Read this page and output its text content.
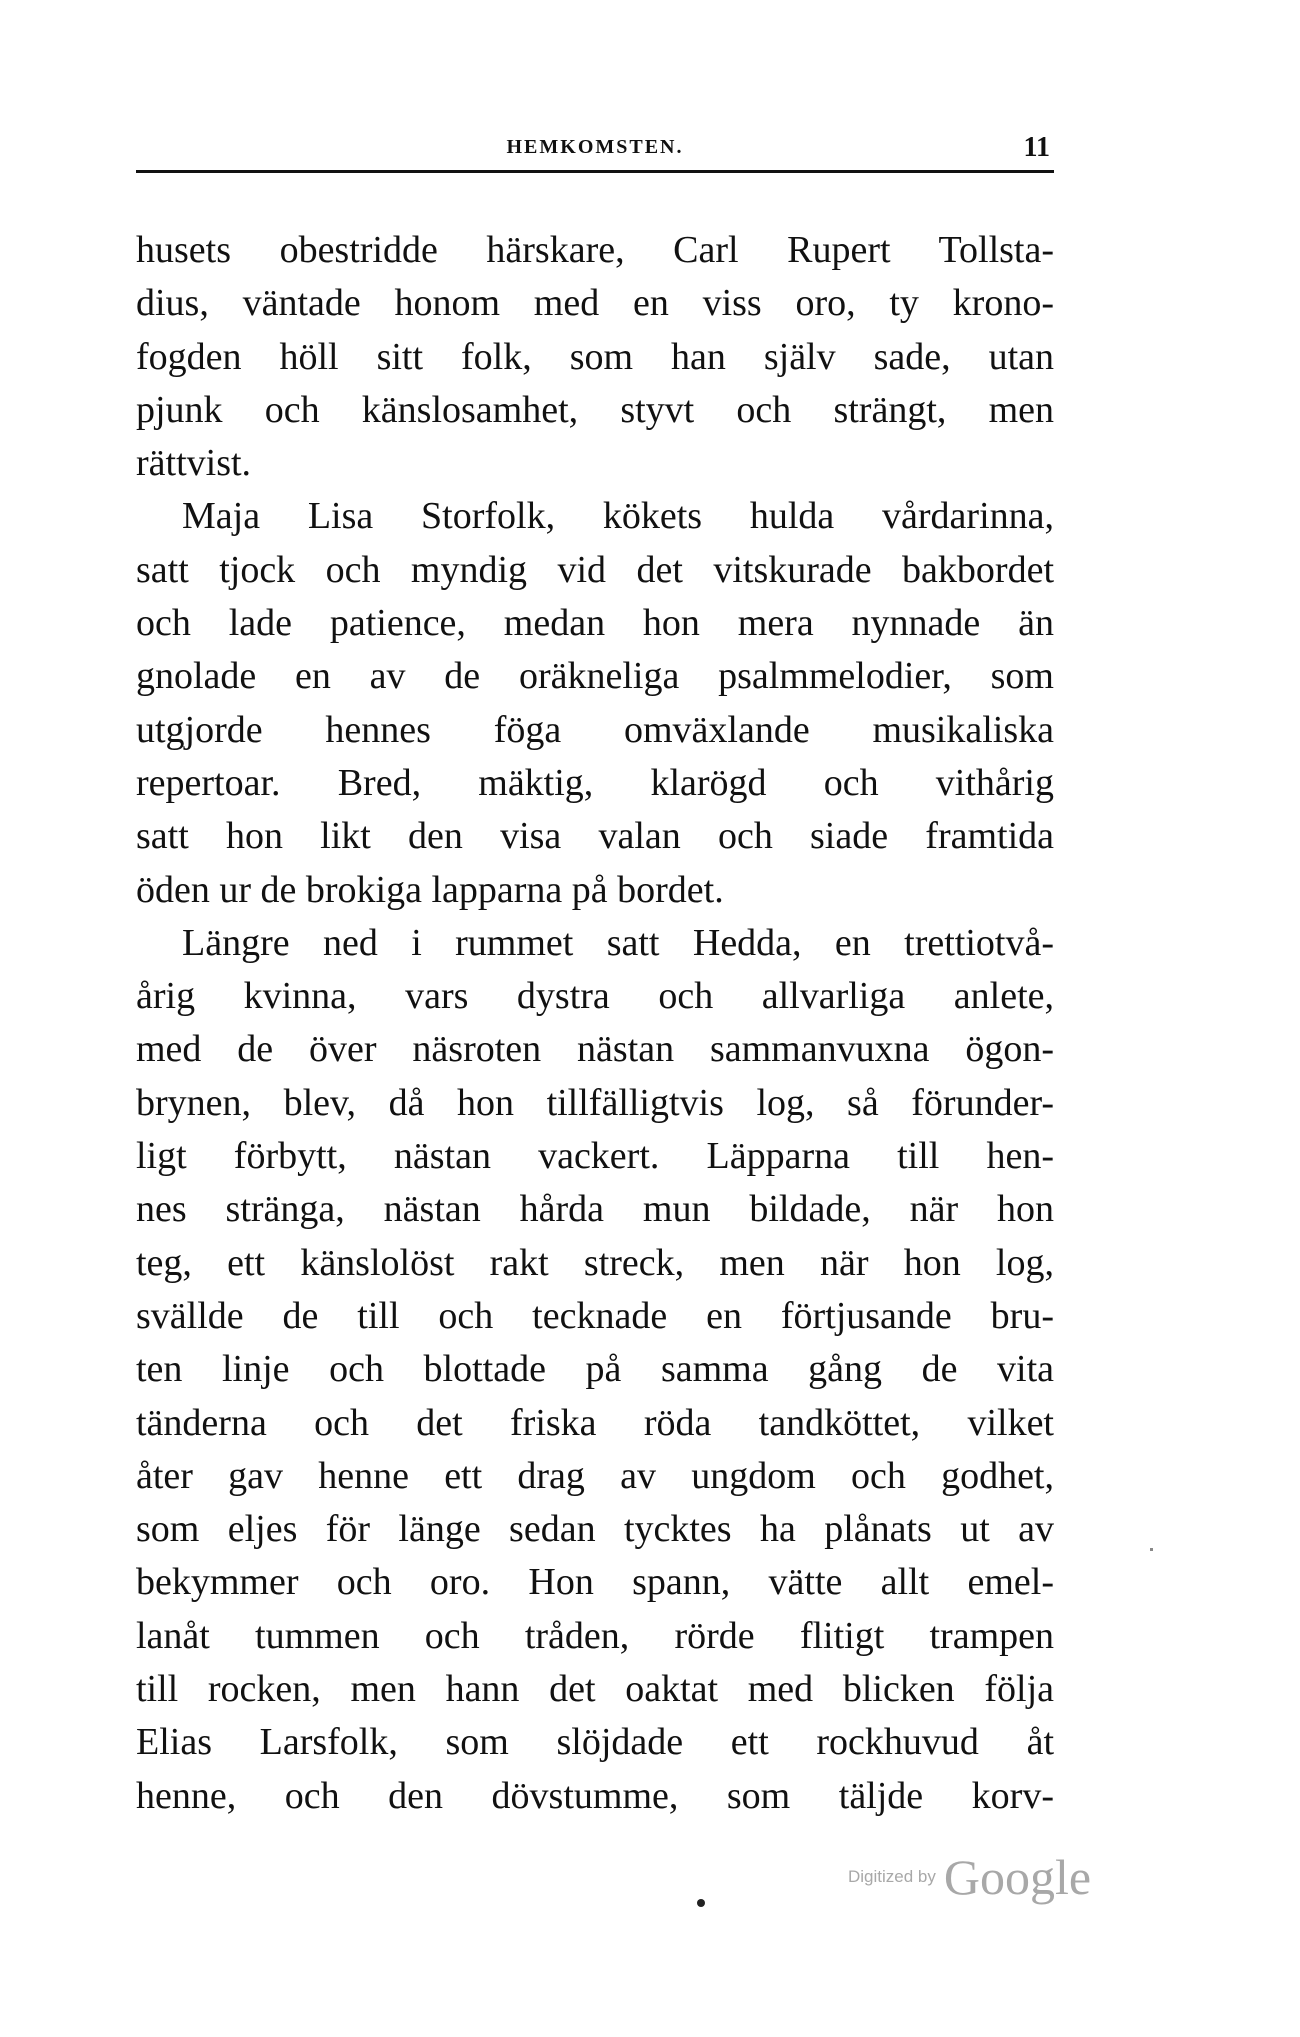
HEMKOMSTEN.	11
husets obestridde härskare, Carl Rupert Tollsta-
dius, väntade honom med en viss oro, ty krono-
fogden höll sitt folk, som han själv sade, utan
pjunk och känslosamhet, styvt och strängt, men
rättvist.
Maja Lisa Storfolk, kökets hulda vårdarinna,
satt tjock och myndig vid det vitskurade bakbordet
och lade patience, medan hon mera nynnade än
gnolade en av de oräkneliga psalmmelodier, som
utgjorde hennes föga omväxlande musikaliska
repertoar. Bred, mäktig, klarögd och vithårig
satt hon likt den visa valan och siade framtida
öden ur de brokiga lapparna på bordet.
Längre ned i rummet satt Hedda, en trettiotvå-
årig kvinna, vars dystra och allvarliga anlete,
med de över näsroten nästan sammanvuxna ögon-
brynen, blev, då hon tillfälligtvis log, så förunder-
ligt förbytt, nästan vackert. Läpparna till hen-
nes stränga, nästan hårda mun bildade, när hon
teg, ett känslolöst rakt streck, men när hon log,
svällde de till och tecknade en förtjusande bru-
ten linje och blottade på samma gång de vita
tänderna och det friska röda tandköttet, vilket
åter gav henne ett drag av ungdom och godhet,
som eljes för länge sedan tycktes ha plånats ut av
bekymmer och oro. Hon spann, vätte allt emel-
lanåt tummen och tråden, rörde flitigt trampen
till rocken, men hann det oaktat med blicken följa
Elias Larsfolk, som slöjdade ett rockhuvud åt
henne, och den dövstumme, som täljde korv-
Digitized by Google
